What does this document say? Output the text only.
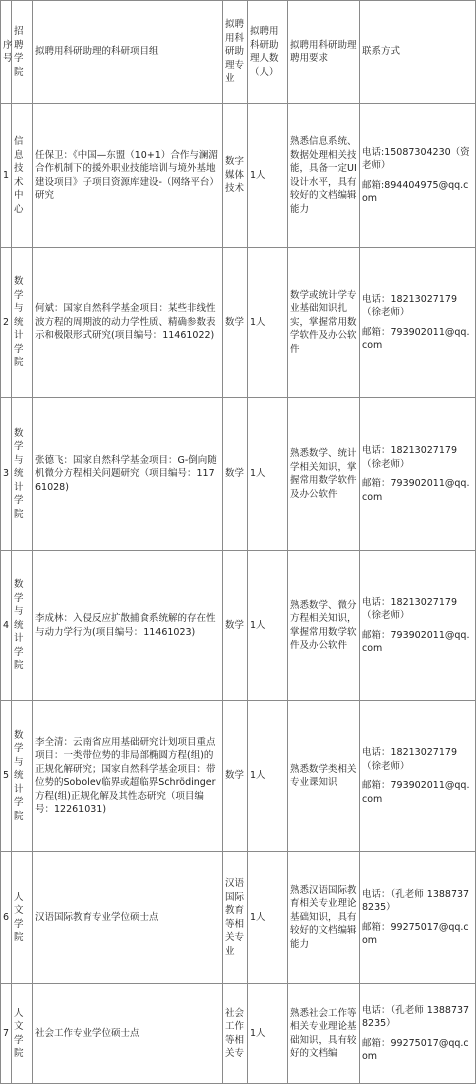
序号	招聘学院	拟聘用科研助理的科研项目组	拟聘用科研助理专业	拟聘用科研助理人数（人）	拟聘用科研助理聘用要求	联系方式
1	信息技术中心	任保卫：《中国—东盟（10+1）合作与澜湄合作机制下的援外职业技能培训与境外基地建设项目》子项目资源库建设-（网络平台）研究	数字媒体技术	1人	熟悉信息系统、数据处理相关技能，具备一定UI设计水平，具有较好的文档编辑能力	电话:15087304230（资老师）
邮箱:894404975@qq.com

2	数学与统计学院	何斌：国家自然科学基金项目：某些非线性波方程的周期波的动力学性质、精确参数表示和极限形式研究(项目编号：11461022)	数学	1人	数学或统计学专业基础知识扎实，掌握常用数学软件及办公软件	电话：18213027179（徐老师）
邮箱：793902011@qq.com

3	数学与统计学院	张德飞：国家自然科学基金项目：G-倒向随机微分方程相关问题研究（项目编号：11761028)	数学	1人	熟悉数学、统计学相关知识，掌握常用数学软件及办公软件	电话：18213027179（徐老师）
邮箱：793902011@qq.com

4	数学与统计学院	李成林：入侵反应扩散捕食系统解的存在性与动力学行为(项目编号：11461023)	数学	1人	熟悉数学、微分方程相关知识，掌握常用数学软件及办公软件	电话：18213027179（徐老师）
邮箱：793902011@qq.com

5	数学与统计学院	李全清：云南省应用基础研究计划项目重点项目：一类带位势的非局部椭圆方程(组)的正规化解研究；国家自然科学基金项目：带位势的Sobolev临界或超临界Schrödinger方程(组)正规化解及其性态研究（项目编号：12261031)	数学	1人	熟悉数学类相关专业课知识	电话：18213027179（徐老师）
邮箱：793902011@qq.com

6	人文学院	汉语国际教育专业学位硕士点	汉语国际教育等相关专业	1人	熟悉汉语国际教育相关专业理论基础知识，具有较好的文档编辑能力	电话：（孔老师 13887378235）
邮箱：99275017@qq.com

7	人文学院	社会工作专业学位硕士点	社会工作等相关专	1人	熟悉社会工作等相关专业理论基础知识，具有较好的文档编	电话：（孔老师 13887378235）
邮箱：99275017@qq.com
